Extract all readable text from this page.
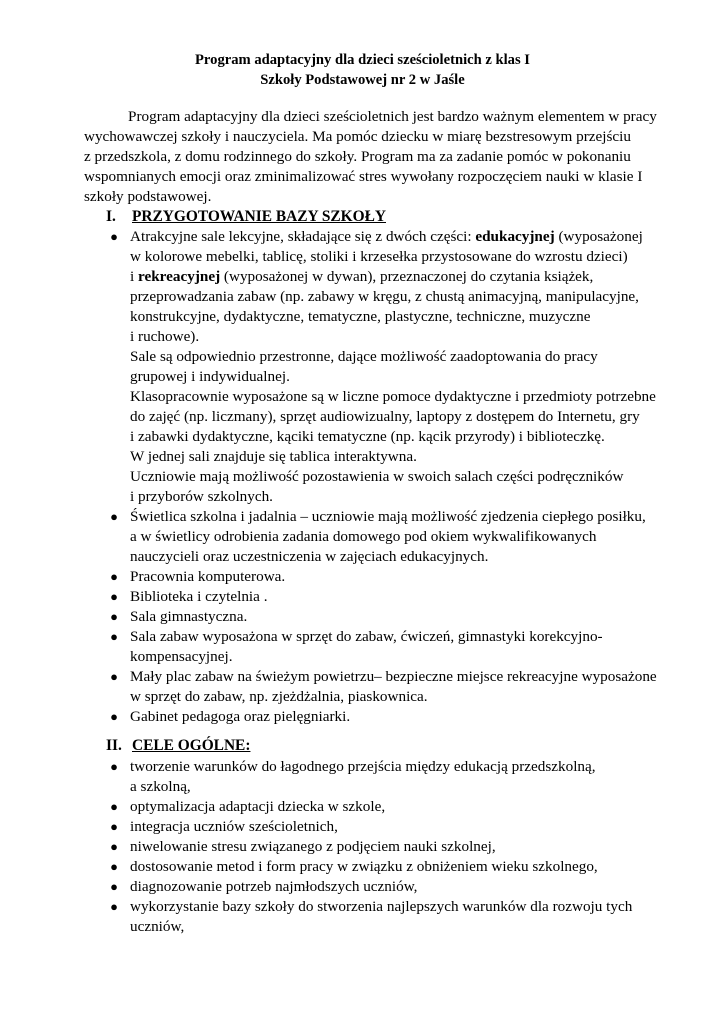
Program adaptacyjny dla dzieci sześcioletnich z klas I
Szkoły Podstawowej nr 2 w Jaśle
Program adaptacyjny dla dzieci sześcioletnich jest bardzo ważnym elementem w pracy
wychowawczej szkoły i nauczyciela. Ma pomóc dziecku w miarę bezstresowym przejściu
z przedszkola, z domu rodzinnego do szkoły. Program ma za zadanie pomóc w pokonaniu
wspomnianych emocji oraz zminimalizować stres wywołany rozpoczęciem nauki w klasie I
szkoły podstawowej.
I. PRZYGOTOWANIE BAZY SZKOŁY
● Atrakcyjne sale lekcyjne, składające się z dwóch części: edukacyjnej (wyposażonej
w kolorowe mebelki, tablicę, stoliki i krzesełka przystosowane do wzrostu dzieci)
i rekreacyjnej (wyposażonej w dywan), przeznaczonej do czytania książek,
przeprowadzania zabaw (np. zabawy w kręgu, z chustą animacyjną, manipulacyjne,
konstrukcyjne, dydaktyczne, tematyczne, plastyczne, techniczne, muzyczne
i ruchowe).
Sale są odpowiednio przestronne, dające możliwość zaadoptowania do pracy
grupowej i indywidualnej.
Klasopracownie wyposażone są w liczne pomoce dydaktyczne i przedmioty potrzebne
do zajęć (np. liczmany), sprzęt audiowizualny, laptopy z dostępem do Internetu, gry
i zabawki dydaktyczne, kąciki tematyczne (np. kącik przyrody) i biblioteczkę.
W jednej sali znajduje się tablica interaktywna.
Uczniowie mają możliwość pozostawienia w swoich salach części podręczników
i przyborów szkolnych.
● Świetlica szkolna i jadalnia – uczniowie mają możliwość zjedzenia ciepłego posiłku,
a w świetlicy odrobienia zadania domowego pod okiem wykwalifikowanych
nauczycieli oraz uczestniczenia w zajęciach edukacyjnych.
● Pracownia komputerowa.
● Biblioteka i czytelnia .
● Sala gimnastyczna.
● Sala zabaw wyposażona w sprzęt do zabaw, ćwiczeń, gimnastyki korekcyjno-
kompensacyjnej.
● Mały plac zabaw na świeżym powietrzu– bezpieczne miejsce rekreacyjne wyposażone
w sprzęt do zabaw, np. zjeżdżalnia, piaskownica.
● Gabinet pedagoga oraz pielęgniarki.
II. CELE OGÓLNE:
● tworzenie warunków do łagodnego przejścia między edukacją przedszkolną,
a szkolną,
● optymalizacja adaptacji dziecka w szkole,
● integracja uczniów sześcioletnich,
● niwelowanie stresu związanego z podjęciem nauki szkolnej,
● dostosowanie metod i form pracy w związku z obniżeniem wieku szkolnego,
● diagnozowanie potrzeb najmłodszych uczniów,
● wykorzystanie bazy szkoły do stworzenia najlepszych warunków dla rozwoju tych
uczniów,
